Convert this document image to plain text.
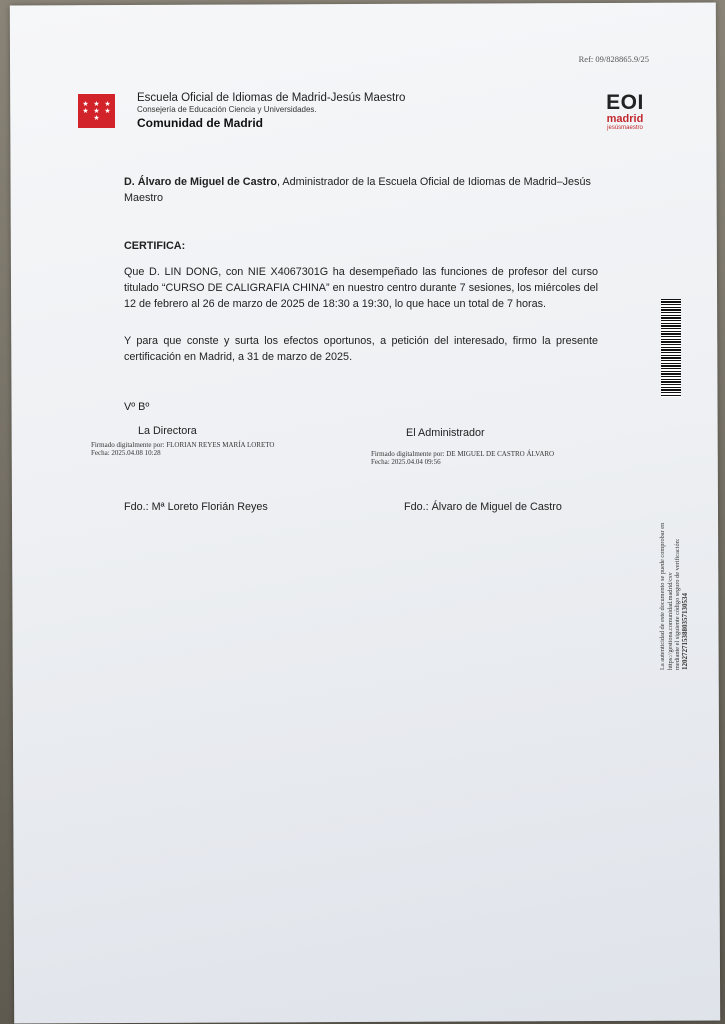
Ref: 09/828865.9/25
★ ★ ★
★ ★ ★
★
Escuela Oficial de Idiomas de Madrid-Jesús Maestro
Consejería de Educación Ciencia y Universidades.
Comunidad de Madrid
EOI
madrid
jesúsmaestro
D. Álvaro de Miguel de Castro, Administrador de la Escuela Oficial de Idiomas de Madrid–Jesús Maestro
CERTIFICA:
Que D. LIN DONG, con NIE X4067301G ha desempeñado las funciones de profesor del curso titulado “CURSO DE CALIGRAFIA CHINA” en nuestro centro durante 7 sesiones, los miércoles del 12 de febrero al 26 de marzo de 2025 de 18:30 a 19:30, lo que hace un total de 7 horas.
Y para que conste y surta los efectos oportunos, a petición del interesado, firmo la presente certificación en Madrid, a 31 de marzo de 2025.
Vº Bº
La Directora
Firmado digitalmente por: FLORIAN REYES MARÍA LORETO
Fecha: 2025.04.08 10:28
Fdo.: Mª Loreto Florián Reyes
El Administrador
Firmado digitalmente por: DE MIGUEL DE CASTRO ÁLVARO
Fecha: 2025.04.04 09:56
Fdo.: Álvaro de Miguel de Castro
La autenticidad de este documento se puede comprobar en https://gestiona.comunidad.madrid/csv mediante el siguiente código seguro de verificación: 1202727153880357130534
